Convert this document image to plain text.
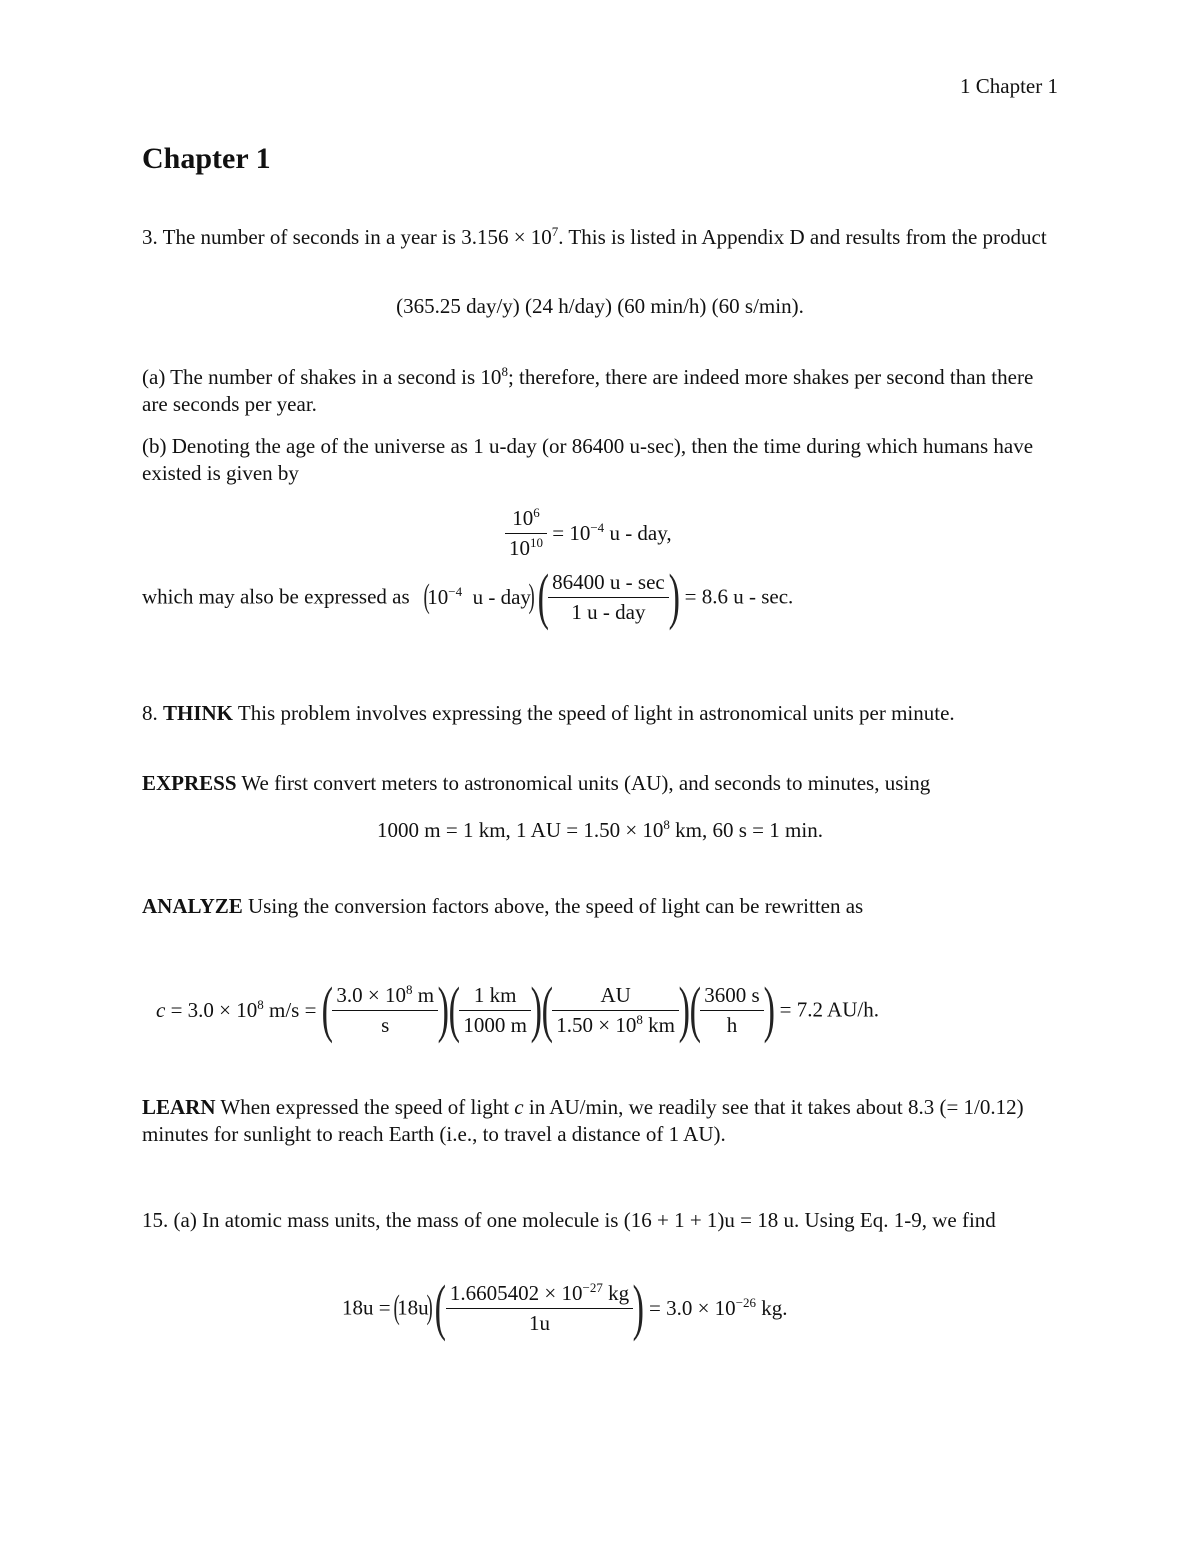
1 Chapter 1
Chapter 1

3. The number of seconds in a year is $3.156 \times 10^7$. This is listed in Appendix D and results from the product

(365.25 day/y) (24 h/day) (60 min/h) (60 s/min).

(a) The number of shakes in a second is $10^8$; therefore, there are indeed more shakes per second than there are seconds per year.

(b) Denoting the age of the universe as 1 u-day (or 86400 u-sec), then the time during which humans have existed is given by

$\frac{10^6}{10^{10}} = 10^{-4}$ u - day,
which may also be expressed as ($10^{-4}$ u - day) ( $\frac{86400 u - \sec}{\text{1 u - day}}$ ) = 8.6 u - sec.

8. THINK This problem involves expressing the speed of light in astronomical units per minute.

EXPRESS We first convert meters to astronomical units (AU), and seconds to minutes, using

1000 m = 1 km, 1 AU = $1.50 \times 10^8$ km, 60 s = 1 min.

ANALYZE Using the conversion factors above, the speed of light can be rewritten as

$c = 3.0 \times 10^8$ m/s = ( $\frac{3.0 \times 10^8 m}{s}$ )( $\frac{1 km}{1000 m}$ )( $\frac{AU}{1.50 \times 10^8 km}$ )( $\frac{3600 s}{h}$ ) = 7.2 AU/h.

LEARN When expressed the speed of light c in AU/min, we readily see that it takes about 8.3 (= 1/0.12) minutes for sunlight to reach Earth (i.e., to travel a distance of 1 AU).

15. (a) In atomic mass units, the mass of one molecule is (16 + 1 + 1)u = 18 u. Using Eq. 1-9, we find

18u = (18u) ( $\frac{1.6605402 \times 10^{-27} kg}{1u}$ ) = $3.0 \times 10^{-26}$ kg.
